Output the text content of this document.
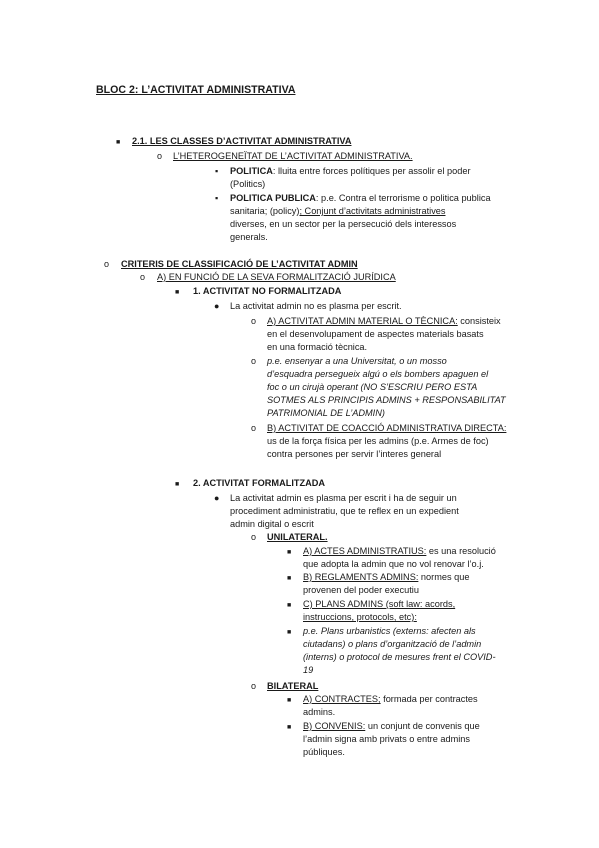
BLOC 2: L’ACTIVITAT ADMINISTRATIVA
■ 2.1. LES CLASSES D’ACTIVITAT ADMINISTRATIVA
o L’HETEROGENEÏTAT DE L’ACTIVITAT ADMINISTRATIVA.
▪ POLITICA: lluita entre forces polítiques per assolir el poder
(Politics)
▪ POLITICA PUBLICA: p.e. Contra el terrorisme o politica publica
sanitaria; (policy); Conjunt d’activitats administratives
diverses, en un sector per la persecució dels interessos
generals.
o CRITERIS DE CLASSIFICACIÓ DE L’ACTIVITAT ADMIN
o A) EN FUNCIÓ DE LA SEVA FORMALITZACIÓ JURÍDICA
■ 1. ACTIVITAT NO FORMALITZADA
● La activitat admin no es plasma per escrit.
o A) ACTIVITAT ADMIN MATERIAL O TÈCNICA: consisteix
en el desenvolupament de aspectes materials basats
en una formació tècnica.
o p.e. ensenyar a una Universitat, o un mosso
d’esquadra persegueix algú o els bombers apaguen el
foc o un cirujà operant (NO S’ESCRIU PERO ESTA
SOTMES ALS PRINCIPIS ADMINS + RESPONSABILITAT
PATRIMONIAL DE L’ADMIN)
o B) ACTIVITAT DE COACCIÓ ADMINISTRATIVA DIRECTA:
us de la força física per les admins (p.e. Armes de foc)
contra persones per servir l’interes general
■ 2. ACTIVITAT FORMALITZADA
● La activitat admin es plasma per escrit i ha de seguir un
procediment administratiu, que te reflex en un expedient
admin digital o escrit
o UNILATERAL.
■ A) ACTES ADMINISTRATIUS: es una resolució
que adopta la admin que no vol renovar l’o.j.
■ B) REGLAMENTS ADMINS: normes que
provenen del poder executiu
■ C) PLANS ADMINS (soft law: acords,
instruccions, protocols, etc):
■ p.e. Plans urbanistics (externs: afecten als
ciutadans) o plans d’organització de l’admin
(interns) o protocol de mesures frent el COVID-
19
o BILATERAL
■ A) CONTRACTES; formada per contractes
admins.
■ B) CONVENIS: un conjunt de convenis que
l’admin signa amb privats o entre admins
públiques.
